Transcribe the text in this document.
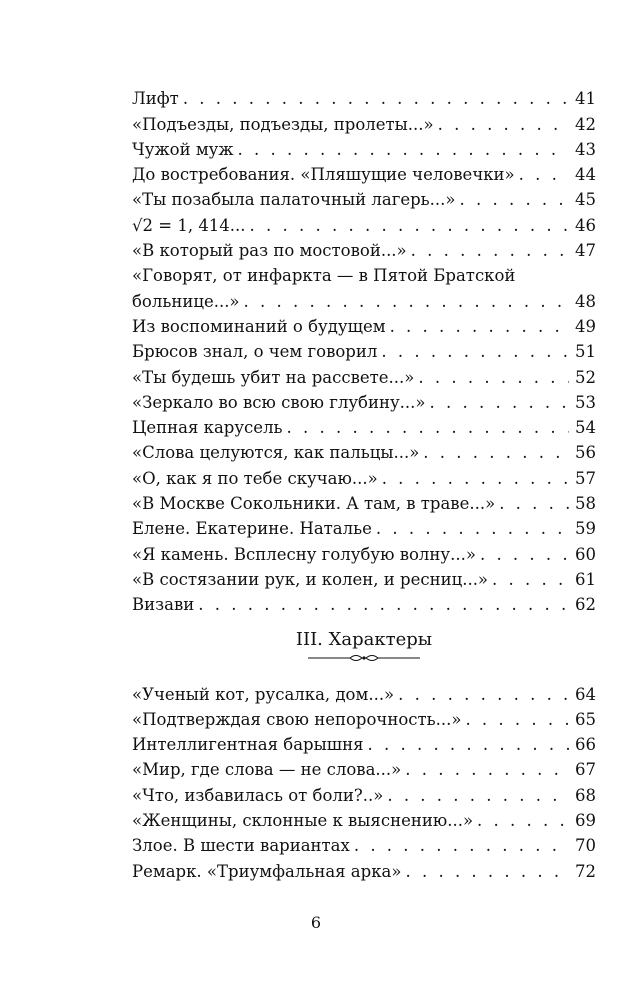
Лифт . . .	41
«Подъезды, подъезды, пролеты...» . . .	42
Чужой муж . . .	43
До востребования. «Пляшущие человечки» . . .	44
«Ты позабыла палаточный лагерь...» . . .	45
√2 = 1, 414... . . .	46
«В который раз по мостовой...» . . .	47
«Говорят, от инфаркта — в Пятой Братской
больнице...» . . .	48
Из воспоминаний о будущем . . .	49
Брюсов знал, о чем говорил . . .	51
«Ты будешь убит на рассвете...» . . .	52
«Зеркало во всю свою глубину...» . . .	53
Цепная карусель . . .	54
«Слова целуются, как пальцы...» . . .	56
«О, как я по тебе скучаю...» . . .	57
«В Москве Сокольники. А там, в траве...» . . .	58
Елене. Екатерине. Наталье . . .	59
«Я камень. Всплесну голубую волну...» . . .	60
«В состязании рук, и колен, и ресниц...» . . .	61
Визави . . .	62
III. Характеры
«Ученый кот, русалка, дом...» . . .	64
«Подтверждая свою непорочность...» . . .	65
Интеллигентная барышня . . .	66
«Мир, где слова — не слова...» . . .	67
«Что, избавилась от боли?..» . . .	68
«Женщины, склонные к выяснению...» . . .	69
Злое. В шести вариантах . . .	70
Ремарк. «Триумфальная арка» . . .	72
6
